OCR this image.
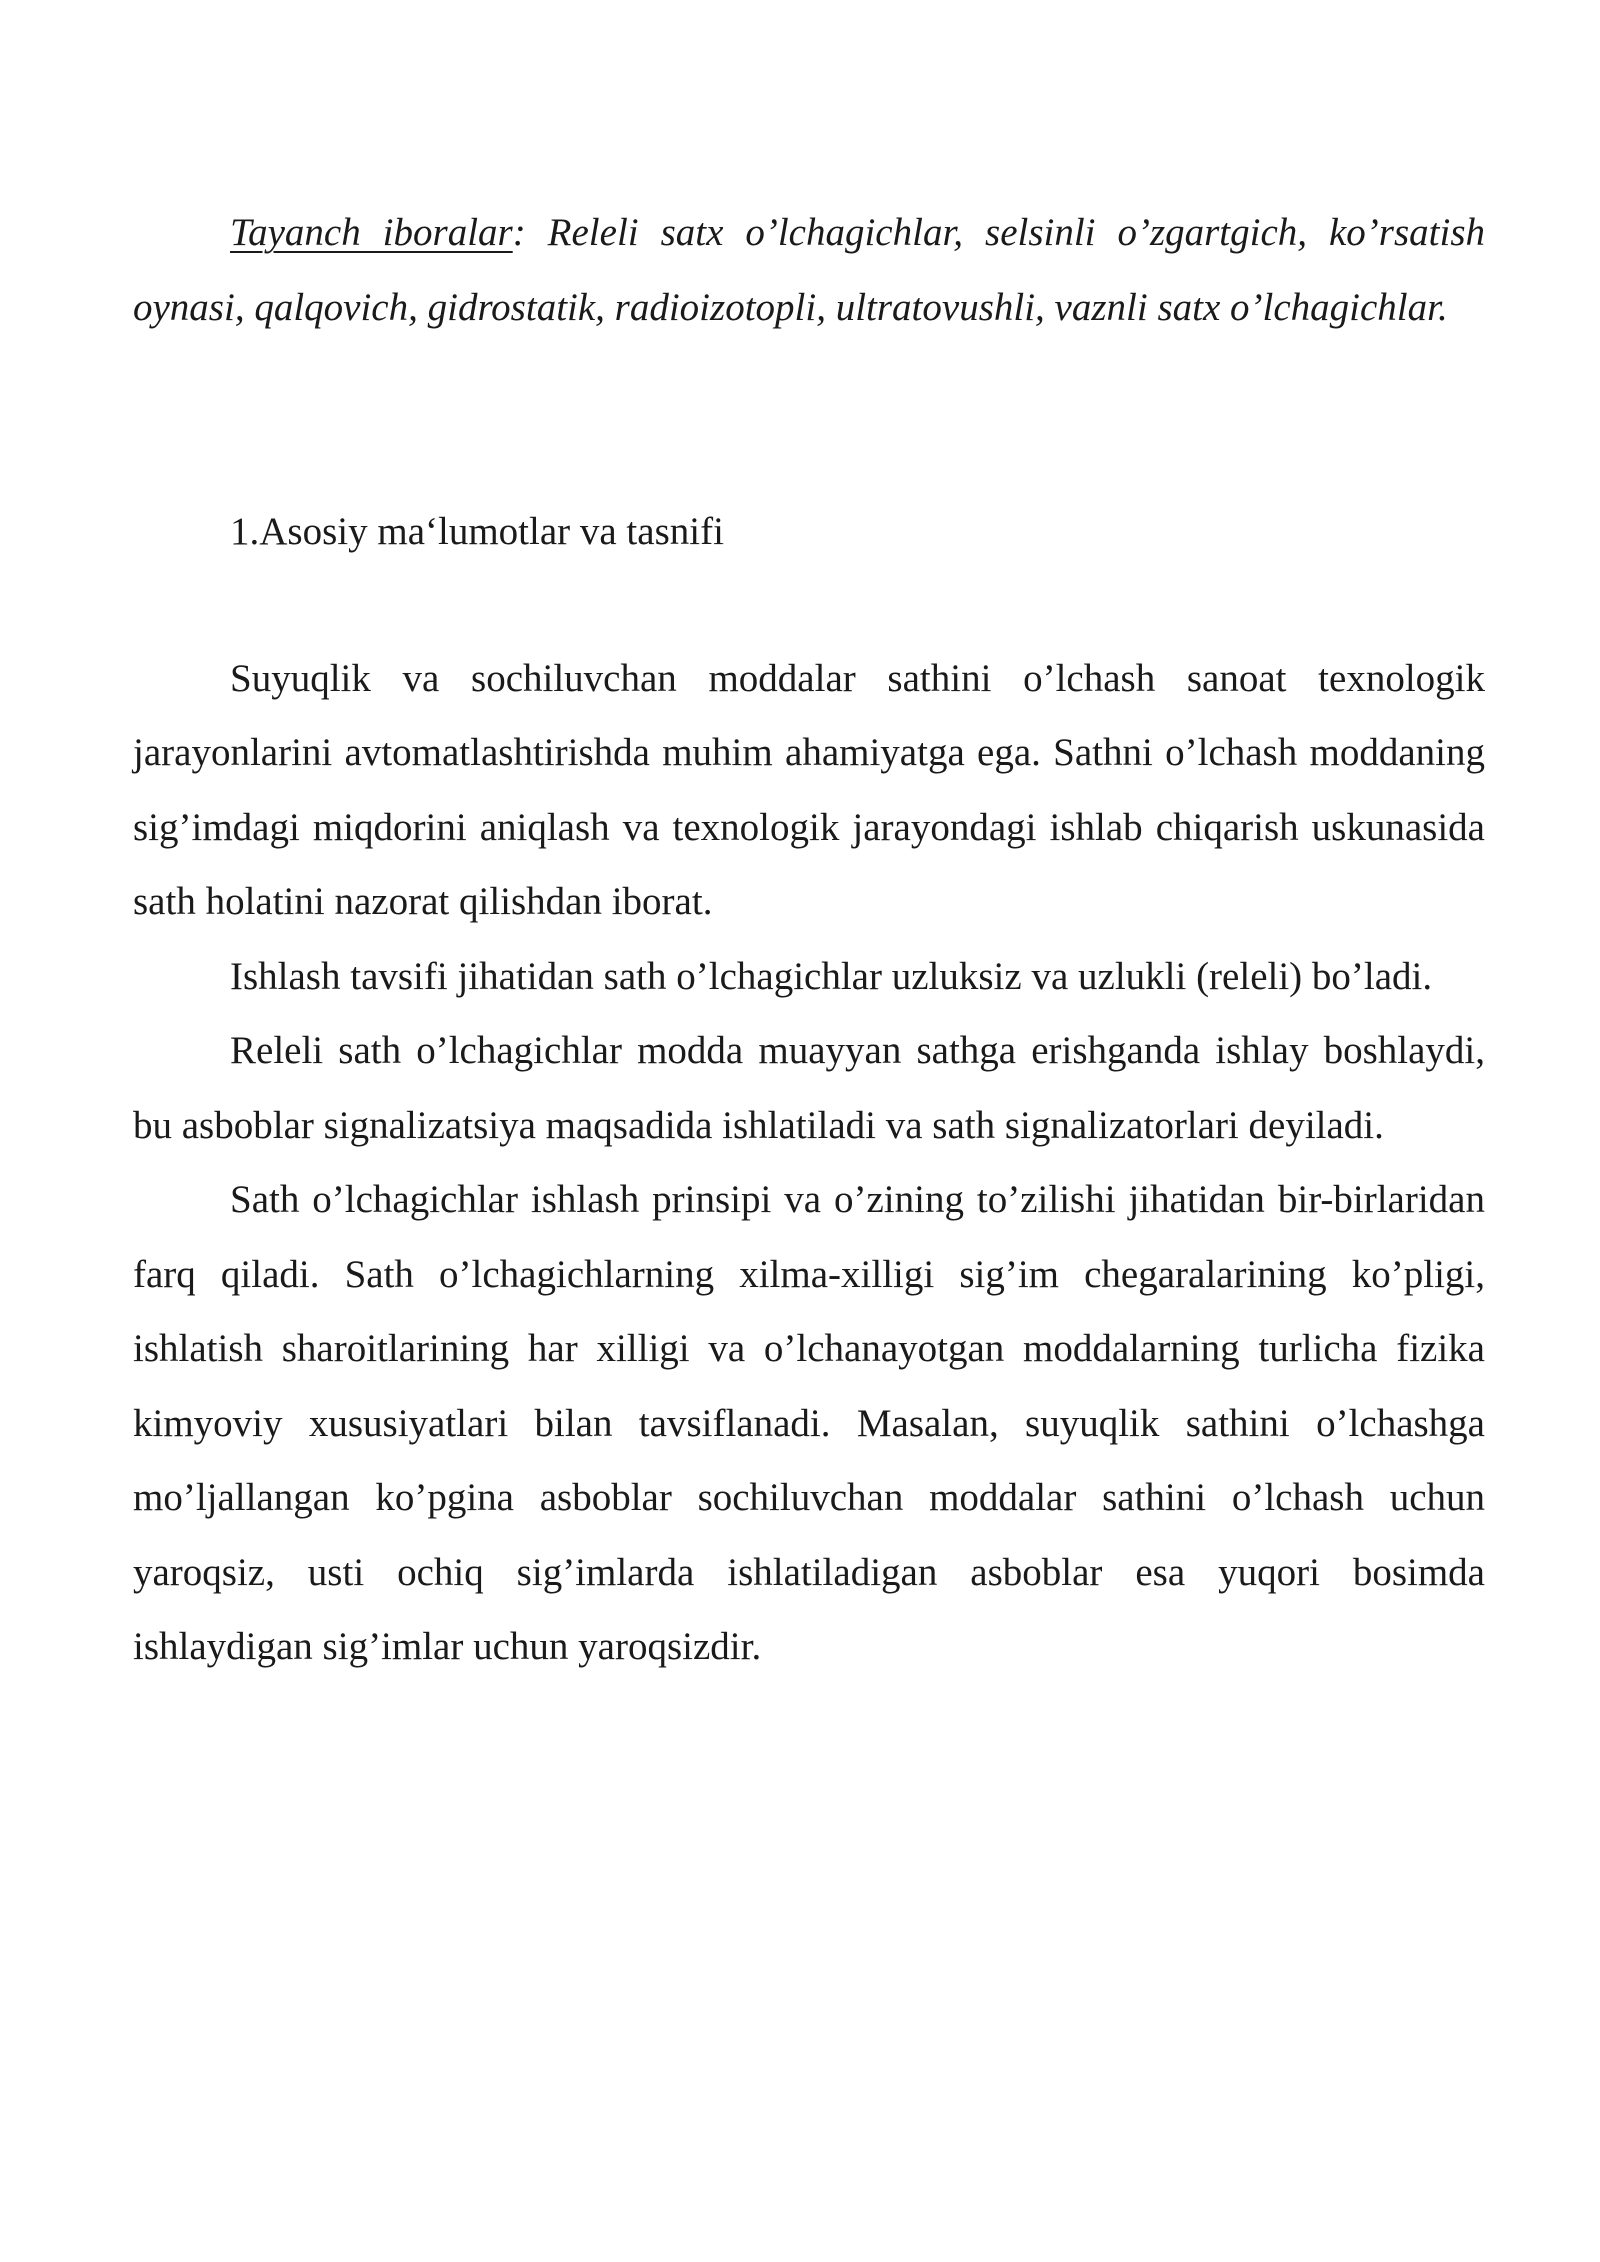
Tayanch iboralar: Releli satx o’lchagichlar, selsinli o’zgartgich, ko’rsatish oynasi, qalqovich, gidrostatik, radioizotopli, ultratovushli, vaznli satx o’lchagichlar.

1.Asosiy ma‘lumotlar va tasnifi

Suyuqlik va sochiluvchan moddalar sathini o’lchash sanoat texnologik jarayonlarini avtomatlashtirishda muhim ahamiyatga ega. Sathni o’lchash moddaning sig’imdagi miqdorini aniqlash va texnologik jarayondagi ishlab chiqarish uskunasida sath holatini nazorat qilishdan iborat.

Ishlash tavsifi jihatidan sath o’lchagichlar uzluksiz va uzlukli (releli) bo’ladi.

Releli sath o’lchagichlar modda muayyan sathga erishganda ishlay boshlaydi, bu asboblar signalizatsiya maqsadida ishlatiladi va sath signalizatorlari deyiladi.

Sath o’lchagichlar ishlash prinsipi va o’zining to’zilishi jihatidan bir-birlaridan farq qiladi. Sath o’lchagichlarning xilma-xilligi sig’im chegaralarining ko’pligi, ishlatish sharoitlarining har xilligi va o’lchanayotgan moddalarning turlicha fizika kimyoviy xususiyatlari bilan tavsiflanadi. Masalan, suyuqlik sathini o’lchashga mo’ljallangan ko’pgina asboblar sochiluvchan moddalar sathini o’lchash uchun yaroqsiz, usti ochiq sig’imlarda ishlatiladigan asboblar esa yuqori bosimda ishlaydigan sig’imlar uchun yaroqsizdir.
